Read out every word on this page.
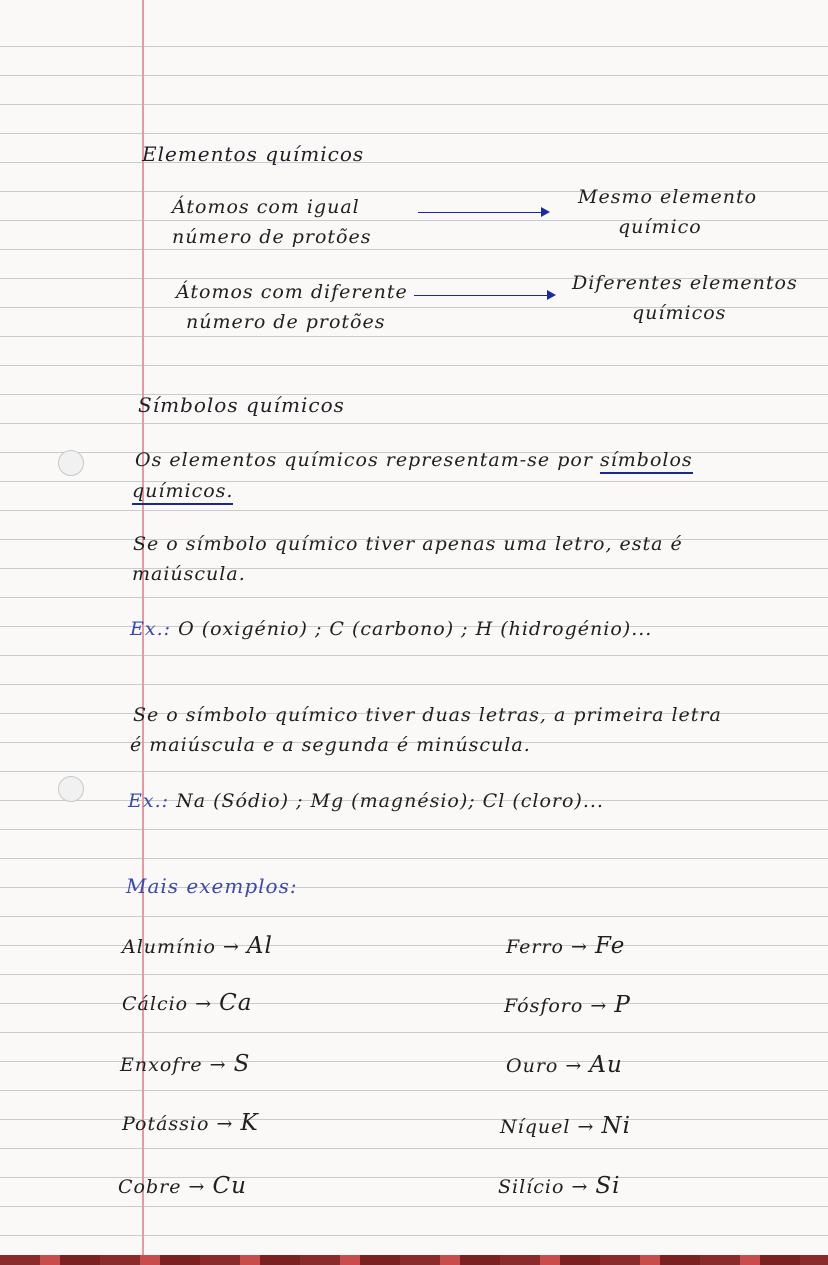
Elementos químicos
Átomos com igual
número de protões
Mesmo elemento
químico
Átomos com diferente
número de protões
Diferentes elementos
químicos
Símbolos químicos
Os elementos químicos representam-se por símbolos
químicos.
Se o símbolo químico tiver apenas uma letro, esta é
maiúscula.
Ex.: O (oxigénio) ; C (carbono) ; H (hidrogénio)...
Se o símbolo químico tiver duas letras, a primeira letra
é maiúscula e a segunda é minúscula.
Ex.: Na (Sódio) ; Mg (magnésio); Cl (cloro)...
Mais exemplos:
Alumínio → Al
Cálcio → Ca
Enxofre → S
Potássio → K
Cobre → Cu
Ferro → Fe
Fósforo → P
Ouro → Au
Níquel → Ni
Silício → Si
